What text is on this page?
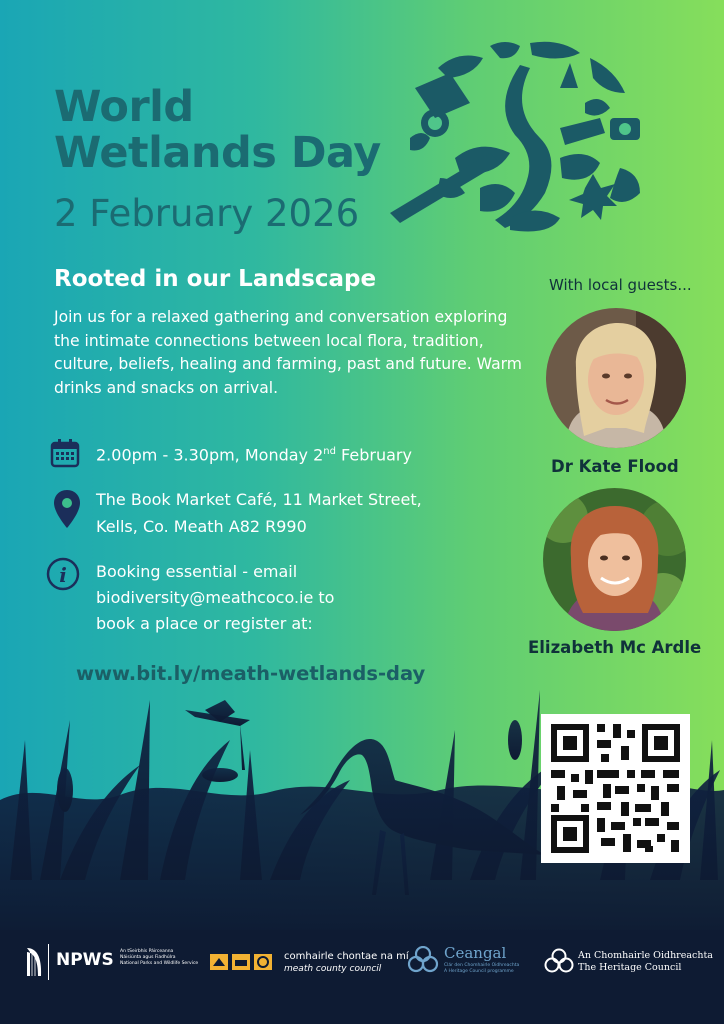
World
Wetlands Day
2 February 2026
Rooted in our Landscape
Join us for a relaxed gathering and conversation exploring the intimate connections between local flora, tradition, culture, beliefs, healing and farming, past and future. Warm drinks and snacks on arrival.
2.00pm - 3.30pm, Monday 2nd February
The Book Market Café, 11 Market Street,
Kells, Co. Meath A82 R990
i Booking essential - email
biodiversity@meathcoco.ie to
book a place or register at:
With local guests...
Dr Kate Flood
Elizabeth Mc Ardle
www.bit.ly/meath-wetlands-day
NPWS An tSeirbhís Páirceanna
Náisiúnta agus Fiadhúlra
National Parks and Wildlife Service
comhairle chontae na mí
meath county council
Ceangal
Clár den Chomhairle Oidhreachta
A Heritage Council programme
An Chomhairle Oidhreachta
The Heritage Council
